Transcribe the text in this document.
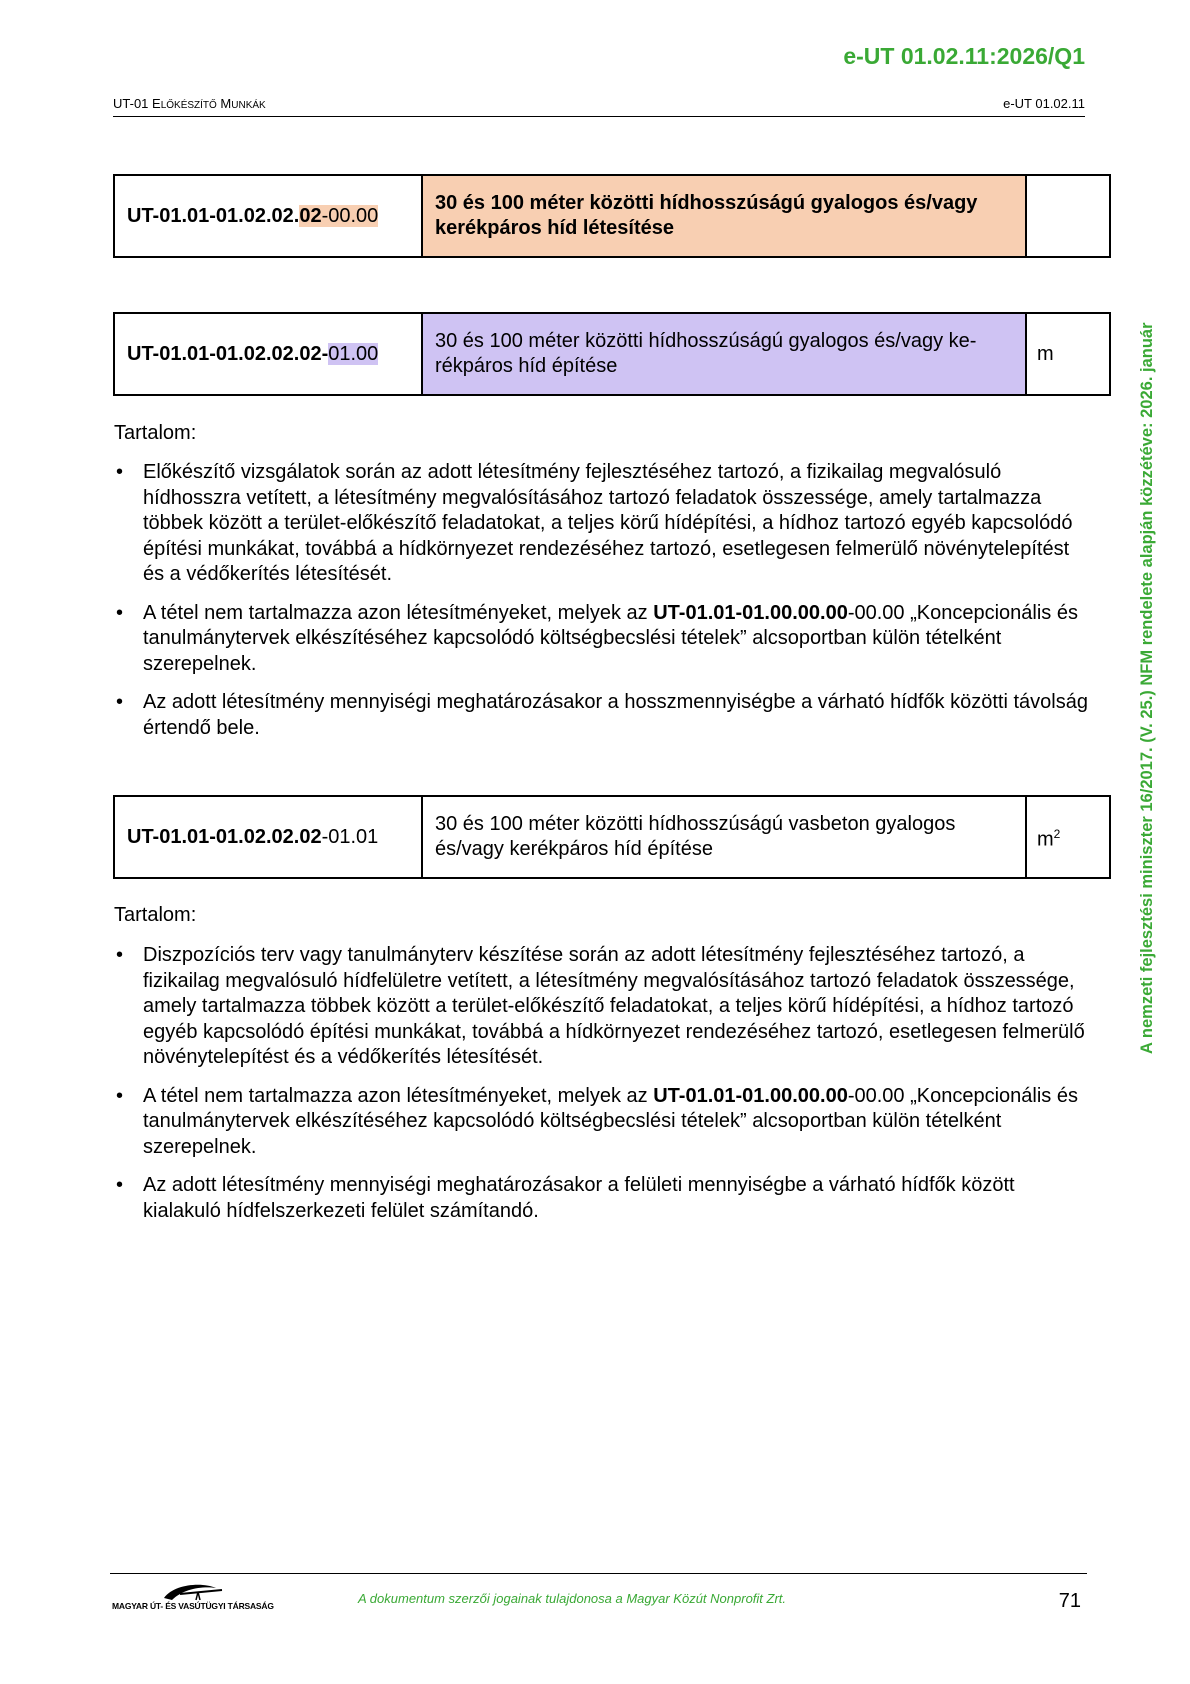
e-UT 01.02.11:2026/Q1
UT-01 ELŐKÉSZÍTŐ MUNKÁK	e-UT 01.02.11
A nemzeti fejlesztési miniszter 16/2017. (V. 25.) NFM rendelete alapján közzétéve: 2026. január
UT-01.01-01.02.02.02-00.00	30 és 100 méter közötti hídhosszúságú gyalogos és/vagy kerékpáros híd létesítése	
UT-01.01-01.02.02.02-01.00	30 és 100 méter közötti hídhosszúságú gyalogos és/vagy ke-rékpáros híd építése	m
Tartalom:
• Előkészítő vizsgálatok során az adott létesítmény fejlesztéséhez tartozó, a fizikailag megvalósuló hídhosszra vetített, a létesítmény megvalósításához tartozó feladatok összessége, amely tartalmazza többek között a terület-előkészítő feladatokat, a teljes körű hídépítési, a hídhoz tartozó egyéb kapcsolódó építési munkákat, továbbá a hídkörnyezet rendezéséhez tartozó, esetlegesen felmerülő növénytelepítést és a védőkerítés létesítését.
• A tétel nem tartalmazza azon létesítményeket, melyek az UT-01.01-01.00.00.00-00.00 „Koncepcionális és tanulmánytervek elkészítéséhez kapcsolódó költségbecslési tételek” alcsoportban külön tételként szerepelnek.
• Az adott létesítmény mennyiségi meghatározásakor a hosszmennyiségbe a várható hídfők közötti távolság értendő bele.
UT-01.01-01.02.02.02-01.01	30 és 100 méter közötti hídhosszúságú vasbeton gyalogos és/vagy kerékpáros híd építése	$m^2$
Tartalom:
• Diszpozíciós terv vagy tanulmányterv készítése során az adott létesítmény fejlesztéséhez tartozó, a fizikailag megvalósuló hídfelületre vetített, a létesítmény megvalósításához tartozó feladatok összessége, amely tartalmazza többek között a terület-előkészítő feladatokat, a teljes körű hídépítési, a hídhoz tartozó egyéb kapcsolódó építési munkákat, továbbá a hídkörnyezet rendezéséhez tartozó, esetlegesen felmerülő növénytelepítést és a védőkerítés létesítését.
• A tétel nem tartalmazza azon létesítményeket, melyek az UT-01.01-01.00.00.00-00.00 „Koncepcionális és tanulmánytervek elkészítéséhez kapcsolódó költségbecslési tételek” alcsoportban külön tételként szerepelnek.
• Az adott létesítmény mennyiségi meghatározásakor a felületi mennyiségbe a várható hídfők között kialakuló hídfelszerkezeti felület számítandó.
MAGYAR ÚT- ÉS VASÚTÜGYI TÁRSASÁG	A dokumentum szerzői jogainak tulajdonosa a Magyar Közút Nonprofit Zrt.	71
